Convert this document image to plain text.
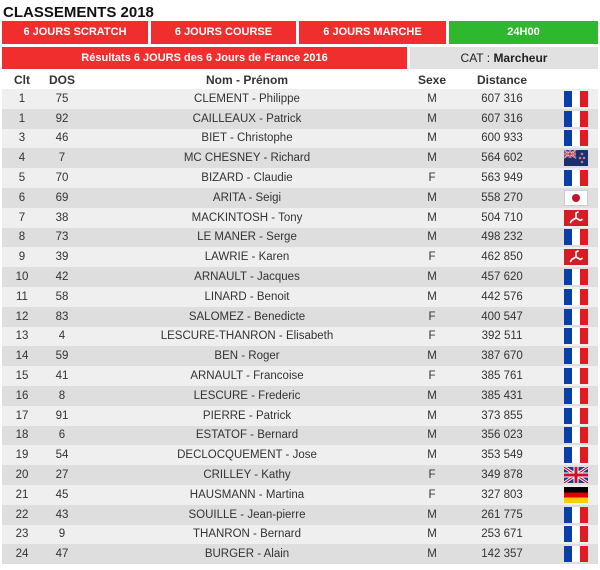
CLASSEMENTS 2018
6 JOURS SCRATCH	6 JOURS COURSE	6 JOURS MARCHE	24H00
Résultats 6 JOURS des 6 Jours de France 2016	CAT : Marcheur
Clt	DOS	Nom - Prénom	Sexe	Distance
1	75	CLEMENT - Philippe	M	607 316
1	92	CAILLEAUX - Patrick	M	607 316
3	46	BIET - Christophe	M	600 933
4	7	MC CHESNEY - Richard	M	564 602
5	70	BIZARD - Claudie	F	563 949
6	69	ARITA - Seigi	M	558 270
7	38	MACKINTOSH - Tony	M	504 710
8	73	LE MANER - Serge	M	498 232
9	39	LAWRIE - Karen	F	462 850
10	42	ARNAULT - Jacques	M	457 620
11	58	LINARD - Benoit	M	442 576
12	83	SALOMEZ - Benedicte	F	400 547
13	4	LESCURE-THANRON - Elisabeth	F	392 511
14	59	BEN - Roger	M	387 670
15	41	ARNAULT - Francoise	F	385 761
16	8	LESCURE - Frederic	M	385 431
17	91	PIERRE - Patrick	M	373 855
18	6	ESTATOF - Bernard	M	356 023
19	54	DECLOCQUEMENT - Jose	M	353 549
20	27	CRILLEY - Kathy	F	349 878
21	45	HAUSMANN - Martina	F	327 803
22	43	SOUILLE - Jean-pierre	M	261 775
23	9	THANRON - Bernard	M	253 671
24	47	BURGER - Alain	M	142 357
